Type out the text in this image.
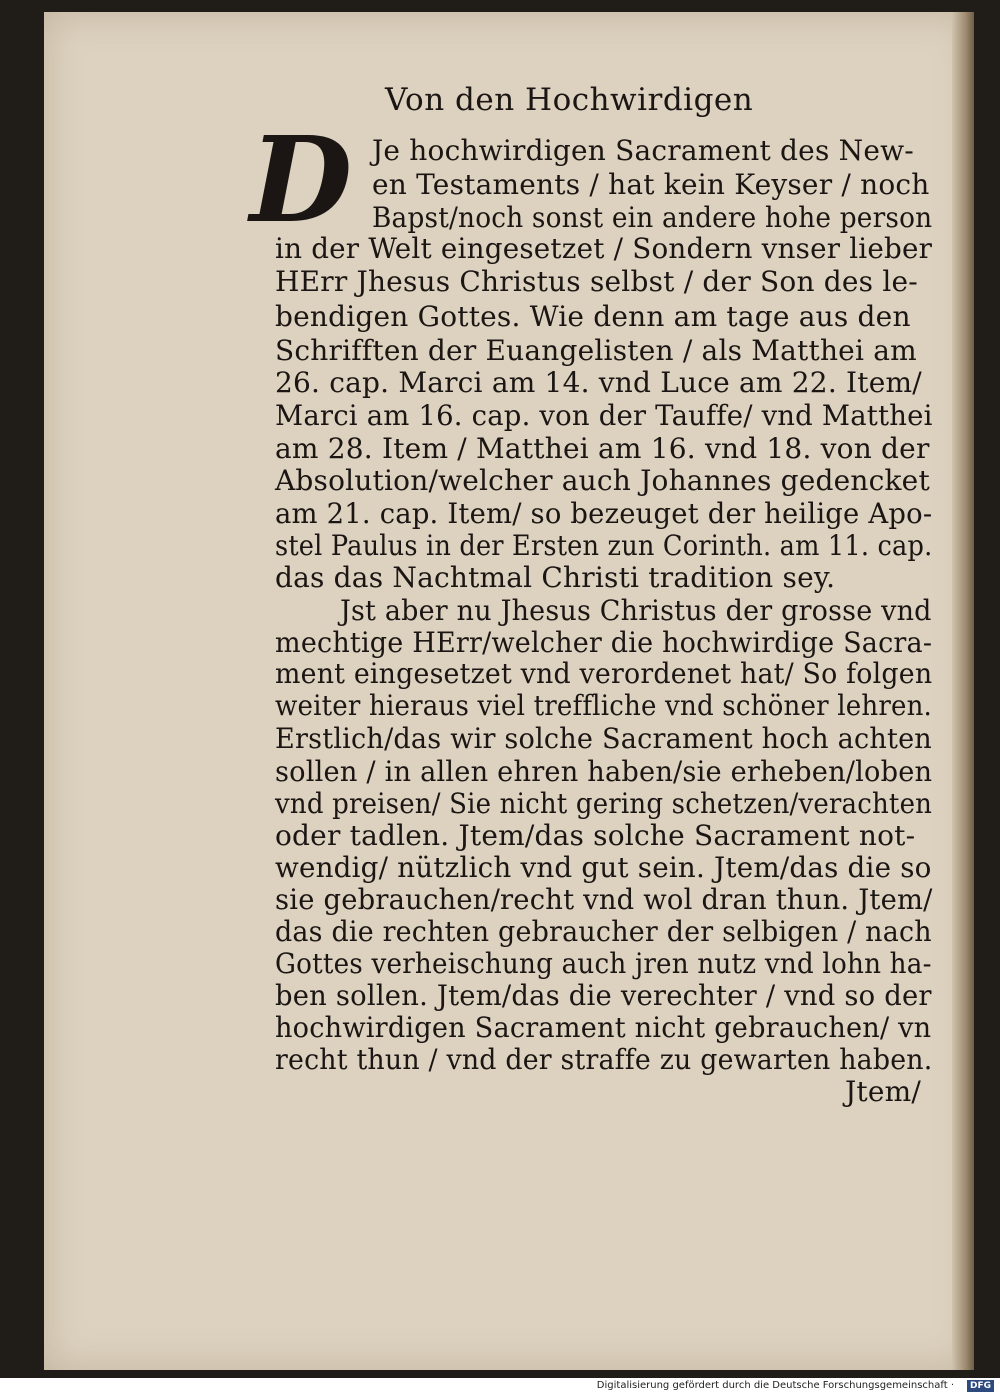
Von den Hochwirdigen
D Je hochwirdigen Sacrament des New-
en Testaments / hat kein Keyser / noch
Bapst/noch sonst ein andere hohe person
in der Welt eingesetzet / Sondern vnser lieber
HErr Jhesus Christus selbst / der Son des le-
bendigen Gottes. Wie denn am tage aus den
Schrifften der Euangelisten / als Matthei am
26. cap. Marci am 14. vnd Luce am 22. Item/
Marci am 16. cap. von der Tauffe/ vnd Matthei
am 28. Item / Matthei am 16. vnd 18. von der
Absolution/welcher auch Johannes gedencket
am 21. cap. Item/ so bezeuget der heilige Apo-
stel Paulus in der Ersten zun Corinth. am 11. cap.
das das Nachtmal Christi tradition sey.
Jst aber nu Jhesus Christus der grosse vnd
mechtige HErr/welcher die hochwirdige Sacra-
ment eingesetzet vnd verordenet hat/ So folgen
weiter hieraus viel treffliche vnd schöner lehren.
Erstlich/das wir solche Sacrament hoch achten
sollen / in allen ehren haben/sie erheben/loben
vnd preisen/ Sie nicht gering schetzen/verachten
oder tadlen. Jtem/das solche Sacrament not-
wendig/ nützlich vnd gut sein. Jtem/das die so
sie gebrauchen/recht vnd wol dran thun. Jtem/
das die rechten gebraucher der selbigen / nach
Gottes verheischung auch jren nutz vnd lohn ha-
ben sollen. Jtem/das die verechter / vnd so der
hochwirdigen Sacrament nicht gebrauchen/ vn
recht thun / vnd der straffe zu gewarten haben.
Jtem/
Digitalisierung gefördert durch die Deutsche Forschungsgemeinschaft ·	DFG
